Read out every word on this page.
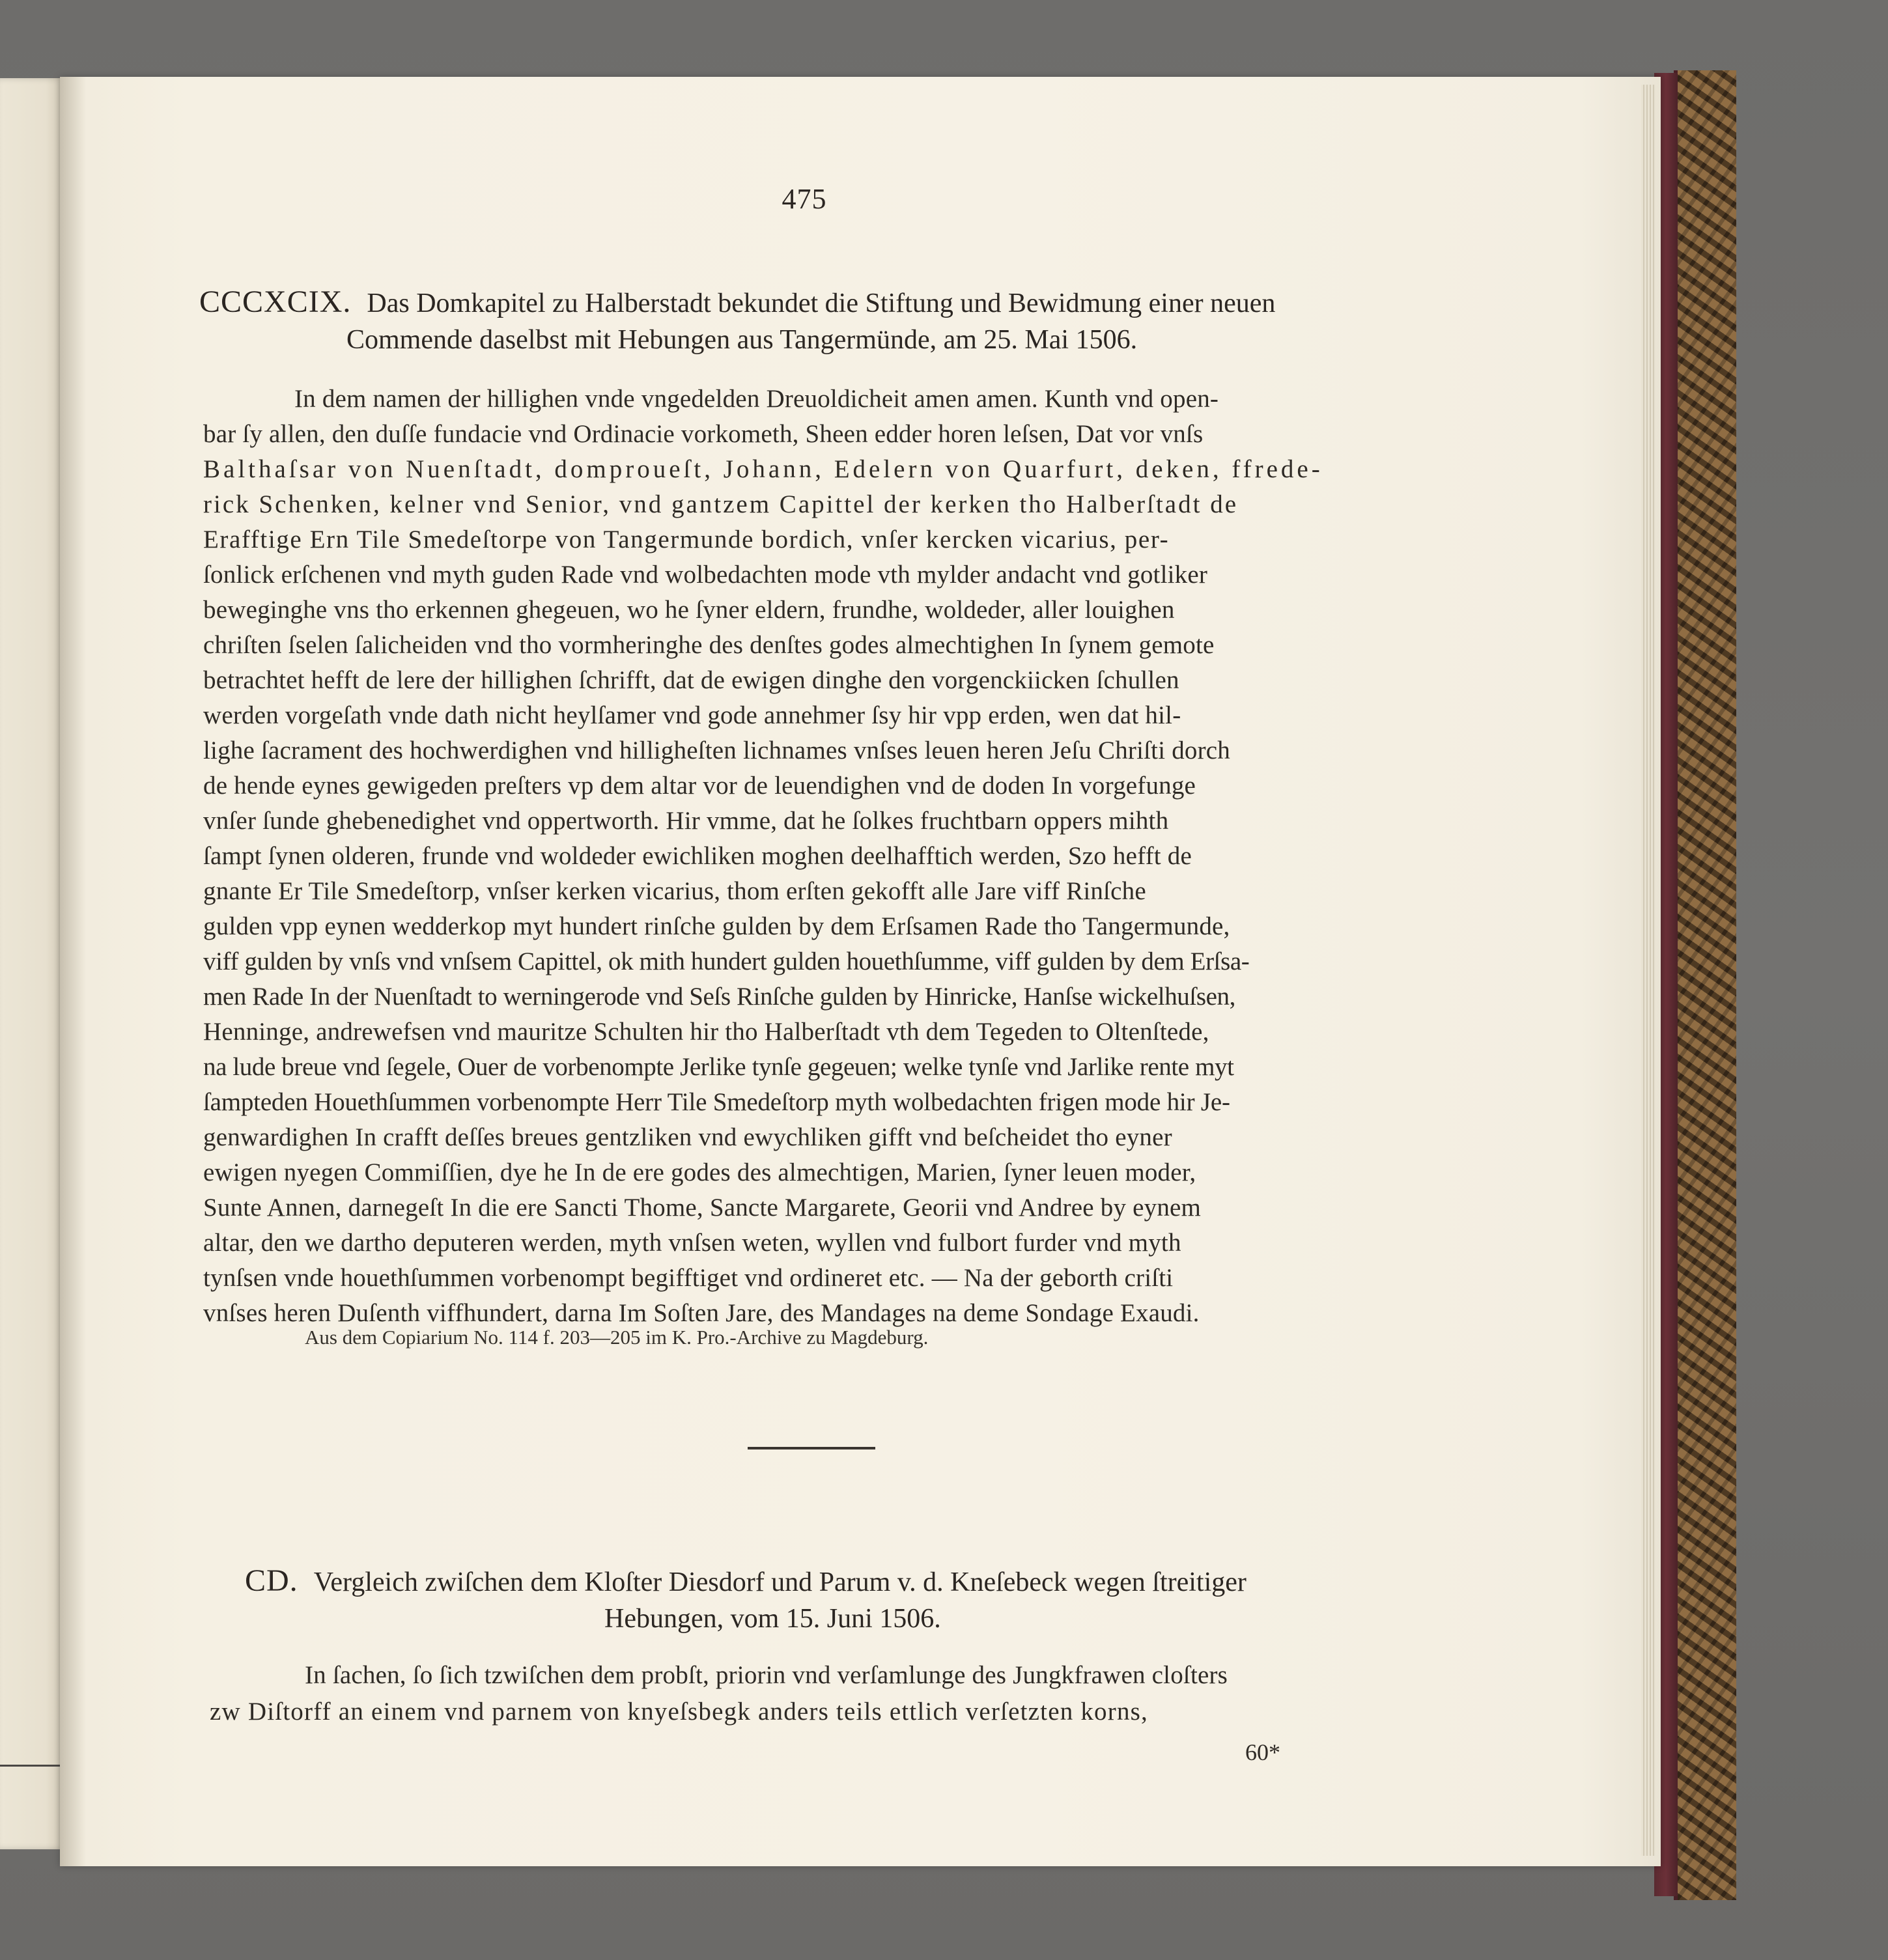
475
CCCXCIX. Das Domkapitel zu Halberstadt bekundet die Stiftung und Bewidmung einer neuen
Commende daselbst mit Hebungen aus Tangermünde, am 25. Mai 1506.
In dem namen der hillighen vnde vngedelden Dreuoldicheit amen amen. Kunth vnd open-
bar ſy allen, den duſſe fundacie vnd Ordinacie vorkometh, Sheen edder horen leſsen, Dat vor vnſs
Balthaſsar von Nuenſtadt, domproueſt, Johann, Edelern von Quarfurt, deken, ffrede-
rick Schenken, kelner vnd Senior, vnd gantzem Capittel der kerken tho Halberſtadt de
Erafftige Ern Tile Smedeſtorpe von Tangermunde bordich, vnſer kercken vicarius, per-
ſonlick erſchenen vnd myth guden Rade vnd wolbedachten mode vth mylder andacht vnd gotliker
beweginghe vns tho erkennen ghegeuen, wo he ſyner eldern, frundhe, woldeder, aller louighen
chriſten ſselen ſalicheiden vnd tho vormheringhe des denſtes godes almechtighen In ſynem gemote
betrachtet hefft de lere der hillighen ſchrifft, dat de ewigen dinghe den vorgenckiicken ſchullen
werden vorgeſath vnde dath nicht heylſamer vnd gode annehmer ſsy hir vpp erden, wen dat hil-
lighe ſacrament des hochwerdighen vnd hilligheſten lichnames vnſses leuen heren Jeſu Chriſti dorch
de hende eynes gewigeden preſters vp dem altar vor de leuendighen vnd de doden In vorgefunge
vnſer ſunde ghebenedighet vnd oppertworth. Hir vmme, dat he ſolkes fruchtbarn oppers mihth
ſampt ſynen olderen, frunde vnd woldeder ewichliken moghen deelhafftich werden, Szo hefft de
gnante Er Tile Smedeſtorp, vnſser kerken vicarius, thom erſten gekofft alle Jare viff Rinſche
gulden vpp eynen wedderkop myt hundert rinſche gulden by dem Erſsamen Rade tho Tangermunde,
viff gulden by vnſs vnd vnſsem Capittel, ok mith hundert gulden houethſumme, viff gulden by dem Erſsa-
men Rade In der Nuenſtadt to werningerode vnd Seſs Rinſche gulden by Hinricke, Hanſse wickelhuſsen,
Henninge, andrewefsen vnd mauritze Schulten hir tho Halberſtadt vth dem Tegeden to Oltenſtede,
na lude breue vnd ſegele, Ouer de vorbenompte Jerlike tynſe gegeuen; welke tynſe vnd Jarlike rente myt
ſampteden Houethſummen vorbenompte Herr Tile Smedeſtorp myth wolbedachten frigen mode hir Je-
genwardighen In crafft deſſes breues gentzliken vnd ewychliken gifft vnd beſcheidet tho eyner
ewigen nyegen Commiſſien, dye he In de ere godes des almechtigen, Marien, ſyner leuen moder,
Sunte Annen, darnegeſt In die ere Sancti Thome, Sancte Margarete, Georii vnd Andree by eynem
altar, den we dartho deputeren werden, myth vnſsen weten, wyllen vnd fulbort furder vnd myth
tynſsen vnde houethſummen vorbenompt begifftiget vnd ordineret etc. — Na der geborth criſti
vnſses heren Duſenth viffhundert, darna Im Soſten Jare, des Mandages na deme Sondage Exaudi.
Aus dem Copiarium No. 114 f. 203—205 im K. Pro.-Archive zu Magdeburg.
CD. Vergleich zwiſchen dem Kloſter Diesdorf und Parum v. d. Kneſebeck wegen ſtreitiger
Hebungen, vom 15. Juni 1506.
In ſachen, ſo ſich tzwiſchen dem probſt, priorin vnd verſamlunge des Jungkfrawen cloſters
zw Diſtorff an einem vnd parnem von knyeſsbegk anders teils ettlich verſetzten korns,
60*
